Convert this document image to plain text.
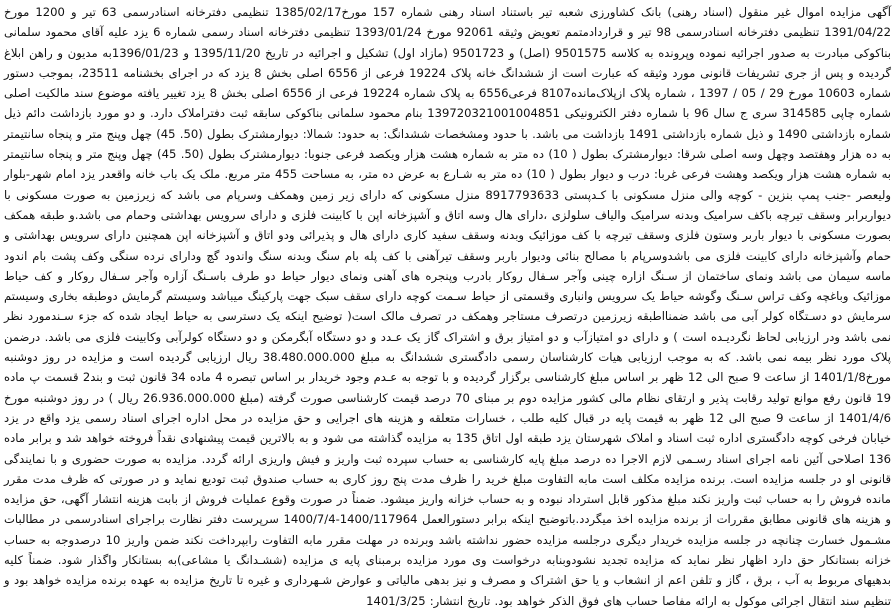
آگهی مزایده اموال غیر منقول (اسناد رهنی) بانک کشاورزی شعبه تیر باستناد اسناد رهنی شماره 157 مورخ1385/02/17 تنظیمی دفترخانه اسنادرسمی 63 تیر و 1200 مورخ 1391/04/22 تنظیمی دفترخانه اسنادرسمی 98 تیر و قراردادمتمم تعویض وثیقه 92061 مورخ 1393/01/24 تنظیمی دفترخانه اسناد رسمی شماره 6 یزد علیه آقای محمود سلمانی بناکوکی مبادرت به صدور اجرائیه نموده وپرونده به کلاسه 9501575 (اصل) و 9501723 (مازاد اول) تشکیل و اجرائیه در تاریخ 1395/11/20 و 1396/01/23به مدیون و راهن ابلاغ گردیده و پس از جری تشریفات قانونی مورد وثیقه که عبارت است از ششدانگ خانه پلاک 19224 فرعی از 6556 اصلی بخش 8 یزد که در اجرای بخشنامه 23511، بموجب دستور شماره 10603 مورخ 29 / 05 / 1397 ، شماره پلاک ازپلاک‌مانده8107 فرعی6556 به پلاک شماره 19224 فرعی از 6556 اصلی بخش 8 یزد تغییر یافته موضوع سند مالکیت اصلی شماره چاپی 314585 سری ج سال 96 با شماره دفتر الکترونیکی 139720321001004851 بنام محمود سلمانی بناکوکی سابقه ثبت دفتراملاک دارد. و دو مورد بازداشت دائم ذیل شماره بازداشتی 1490 و ذیل شماره بازداشتی 1491 بازداشت می باشد. با حدود ومشخصات ششدانگ: به حدود: شمالا: دیوارمشترک بطول (50. 45) چهل وپنج متر و پنجاه سانتیمتر به ده هزار وهفتصد وچهل وسه اصلی شرقا: دیوارمشترک بطول ( 10) ده متر به شماره هشت هزار ویکصد فرعی جنوبا: دیوارمشترک بطول (50. 45) چهل وپنج متر و پنجاه سانتیمتر به شماره هشت هزار ویکصد وهشت فرعی غربا: درب و دیوار بطول ( 10) ده متر به شـارع به عرض ده متر، به مساحت 455 متر مربع. ملک یک باب خانه واقعدر یزد امام شهر-بلوار ولیعصر -جنب پمپ بنزین - کوچه والی منزل مسکونی با کـدپستی 8917793633 منزل مسکونی که دارای زیر زمین وهمکف وسرپام می باشد که زیرزمین به صورت مسکونی با دیواربرابر وسقف تیرچه باکف سرامیک وبدنه سرامیک والیاف سلولزی ،دارای هال وسه اتاق و آشپزخانه اپن با کابینت فلزی و دارای سرویس بهداشتی وحمام می باشد.و طبقه همکف بصورت مسکونی با دیوار باربر وستون فلزی وسقف تیرچه با کف موزائیک وبدنه وسقف سفید کاری دارای هال و پذیرائی ودو اتاق و آشپزخانه اپن همچنین دارای سرویس بهداشتی و حمام وآشپزخانه دارای کابینت فلزی می باشدوسرپام با مصالح بنائی ودیوار باربر وسقف تیرآهنی با کف پله بام سنگ وبدنه سنگ واندود گچ ودارای نرده سنگی وکف پشت بام اندود ماسه سیمان می باشد ونمای ساختمان از سـنگ ازاره چینی وآجر سـفال روکار بادرب وپنجره های آهنی ونمای دیوار حیاط دو طرف باسـنگ آزاره وآجر سـفال روکار و کف حیاط موزائیک وباغچه وکف تراس سـنگ وگوشه حیاط یک سرویس وانباری وقسمتی از حیاط سـمت کوچه دارای سقف سبک جهت پارکینگ میباشد وسیستم گرمایش دوطبقه بخاری وسیستم سرمایش دو دسـتگاه کولر آبی می باشد ضمنااطبقه زیرزمین درتصرف مستاجر وهمکف در تصرف مالک است( توضیح اینکه یک دسترسی به حیاط ایجاد شده که جزء سـندمورد نظر نمی باشد ودر ارزیابی لحاظ نگردیـده است ) و دارای دو امتیازآب و دو امتیاز برق و اشتراک گاز یک عـدد و دو دستگاه آبگرمکن و دو دستگاه کولرآبی وکابینت فلزی می باشد. درضمن پلاک مورد نظر بیمه نمی باشد. که به موجب ارزیابی هیات کارشناسان رسمی دادگستری ششدانگ به مبلغ 38.480.000.000 ریال ارزیابی گردیده است و مزایده در روز دوشنبه مورخ1401/1/8 از ساعت 9 صبح الی 12 ظهر بر اساس مبلغ کارشناسی برگزار گردیده و با توجه به عـدم وجود خریدار بر اساس تبصره 4 ماده 34 قانون ثبت و بند2 قسمت پ ماده 19 قانون رفع موانع تولید رقابت پذیر و ارتقای نظام مالی کشور مزایده دوم بر مبنای 70 درصد قیمت کارشناسی صورت گرفته (مبلغ 26.936.000.000 ریال ) در روز دوشنبه مورخ 1401/4/6 از ساعت 9 صبح الی 12 ظهر به قیمت پایه در قبال کلیه طلب ، خسارات متعلقه و هزینه های اجرایی و حق مزایده در محل اداره اجرای اسناد رسمی یزد واقع در یزد خیابان فرخی کوچه دادگستری اداره ثبت اسناد و املاک شهرستان یزد طبقه اول اتاق 135 به مزایده گذاشته می شود و به بالاترین قیمت پیشنهادی نقداً فروخته خواهد شد و برابر ماده 136 اصلاحی آئین نامه اجرای اسناد رسـمی لازم الاجرا ده درصد مبلغ پایه کارشناسی به حساب سپرده ثبت واریز و فیش واریزی ارائه گردد. مزایده به صورت حضوری و با نمایندگی قانونی او در جلسه مزایده است. برنده مزایده مکلف است مابه التفاوت مبلغ خرید را ظرف مدت پنج روز کاری به حساب صندوق ثبت توديع نمايد و در صورتی که ظرف مدت مقرر مانده فروش را به حساب ثبت واریز نکند مبلغ مذکور قابل استرداد نبوده و به حساب خزانه واریز میشود. ضمناً در صورت وقوع عملیات فروش از بابت هزینه انتشار آگهی، حق مزایده و هزینه های قانونی مطابق مقررات از برنده مزایده اخذ میگردد.باتوضیح اینکه برابر دستورالعمل 1400/117964-1400/7/4 سرپرست دفتر نظارت براجرای اسنادرسمی در مطالبات مشـمول خسارت چنانچه در جلسه مزایده خریدار دیگری درجلسه مزایده حضور نداشته باشد وبرنده در مهلت مقرر مابه التفاوت رابپرداخت نکند ضمن واریز 10 درصدوجه به حساب خزانه بستانکار حق دارد اظهار نظر نماید که مزایده تجدید نشودوبنابه درخواست وی مورد مزایده برمبنای پایه ی مزایده (ششـدانگ یا مشاعی)به بستانکار واگذار شود. ضمناً کلیه بدهیهای مربوط به آب ، برق ، گاز و تلفن اعم از انشعاب و یا حق اشتراک و مصرف و نیز بدهی مالیاتی و عوارض شـهرداری و غیره تا تاریخ مزایده به عهده برنده مزایده خواهد بود و تنظیم سند انتقال اجرائی موکول به ارائه مفاصا حساب های فوق الذکر خواهد بود. تاریخ انتشار: 1401/3/25
